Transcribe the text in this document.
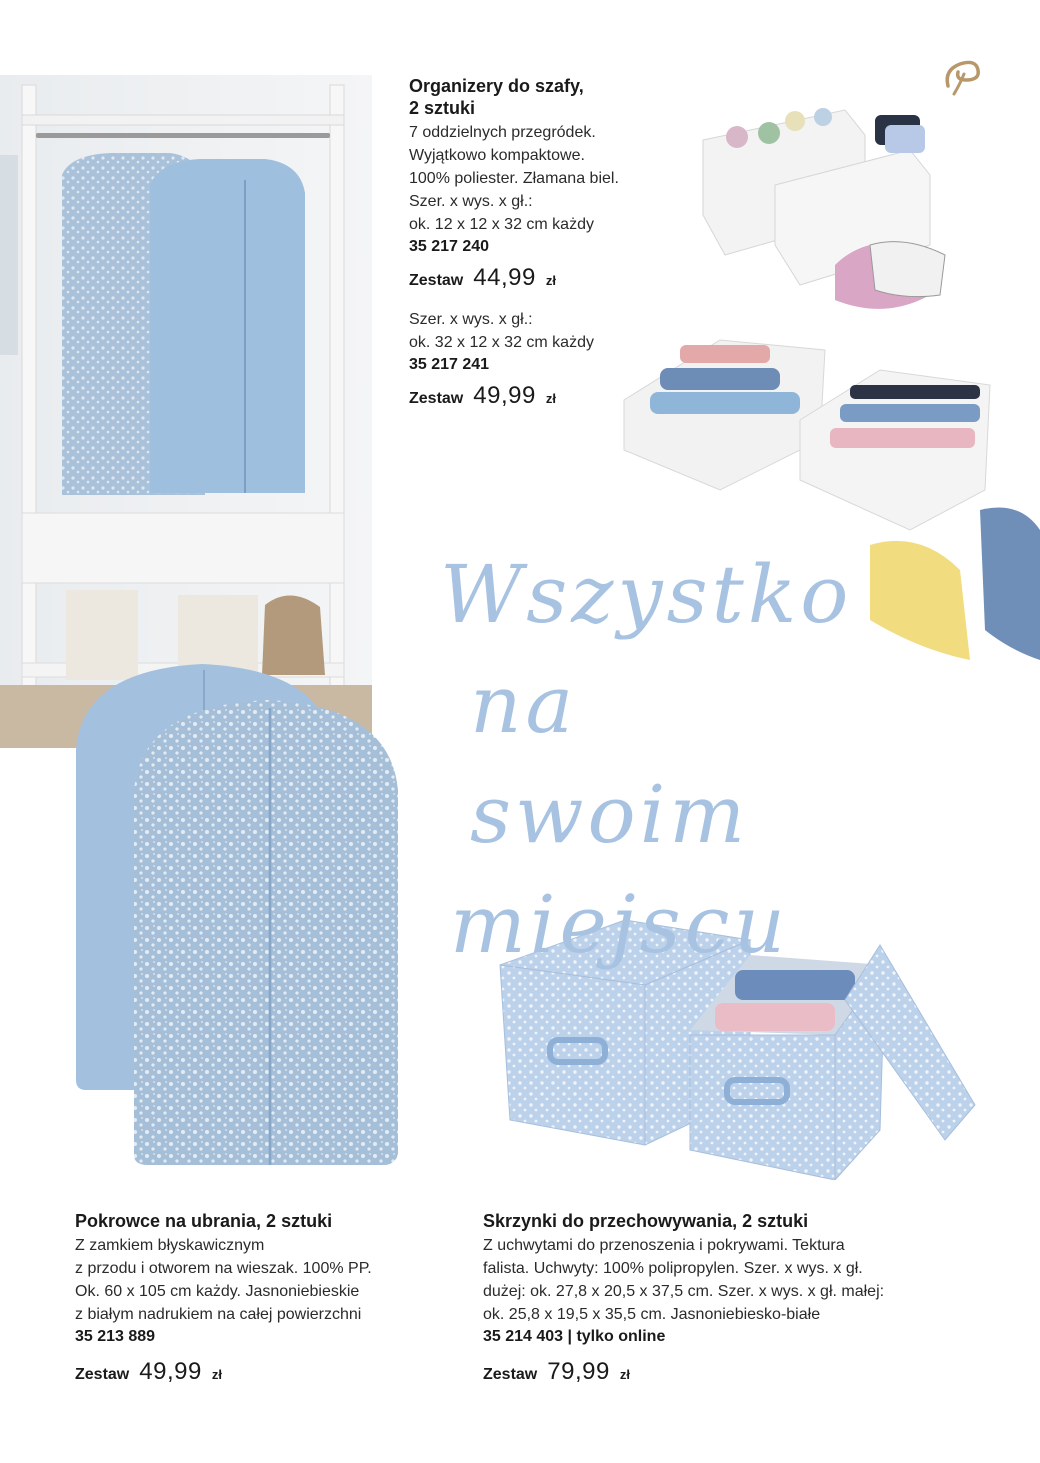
Wszystko
na swoim
miejscu
Organizery do szafy,
2 sztuki
7 oddzielnych przegródek.
Wyjątkowo kompaktowe.
100% poliester. Złamana biel.
Szer. x wys. x gł.:
ok. 12 x 12 x 32 cm każdy
35 217 240
Zestaw 44,99 zł
Szer. x wys. x gł.:
ok. 32 x 12 x 32 cm każdy
35 217 241
Zestaw 49,99 zł
Pokrowce na ubrania, 2 sztuki
Z zamkiem błyskawicznym
z przodu i otworem na wieszak. 100% PP.
Ok. 60 x 105 cm każdy. Jasnoniebieskie
z białym nadrukiem na całej powierzchni
35 213 889
Zestaw 49,99 zł
Skrzynki do przechowywania, 2 sztuki
Z uchwytami do przenoszenia i pokrywami. Tektura
falista. Uchwyty: 100% polipropylen. Szer. x wys. x gł.
dużej: ok. 27,8 x 20,5 x 37,5 cm. Szer. x wys. x gł. małej:
ok. 25,8 x 19,5 x 35,5 cm. Jasnoniebiesko-białe
35 214 403 | tylko online
Zestaw 79,99 zł
